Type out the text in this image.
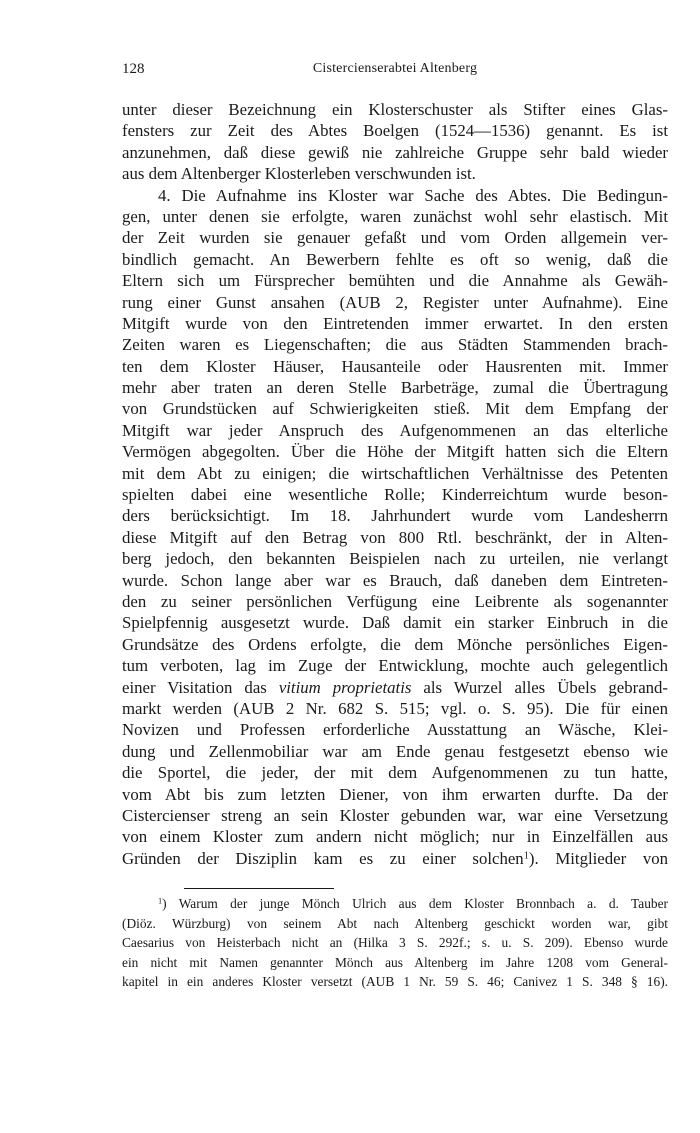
128	Cistercienserabtei Altenberg
unter dieser Bezeichnung ein Klosterschuster als Stifter eines Glas-
fensters zur Zeit des Abtes Boelgen (1524—1536) genannt. Es ist
anzunehmen, daß diese gewiß nie zahlreiche Gruppe sehr bald wieder
aus dem Altenberger Klosterleben verschwunden ist.
4. Die Aufnahme ins Kloster war Sache des Abtes. Die Bedingun-
gen, unter denen sie erfolgte, waren zunächst wohl sehr elastisch. Mit
der Zeit wurden sie genauer gefaßt und vom Orden allgemein ver-
bindlich gemacht. An Bewerbern fehlte es oft so wenig, daß die
Eltern sich um Fürsprecher bemühten und die Annahme als Gewäh-
rung einer Gunst ansahen (AUB 2, Register unter Aufnahme). Eine
Mitgift wurde von den Eintretenden immer erwartet. In den ersten
Zeiten waren es Liegenschaften; die aus Städten Stammenden brach-
ten dem Kloster Häuser, Hausanteile oder Hausrenten mit. Immer
mehr aber traten an deren Stelle Barbeträge, zumal die Übertragung
von Grundstücken auf Schwierigkeiten stieß. Mit dem Empfang der
Mitgift war jeder Anspruch des Aufgenommenen an das elterliche
Vermögen abgegolten. Über die Höhe der Mitgift hatten sich die Eltern
mit dem Abt zu einigen; die wirtschaftlichen Verhältnisse des Petenten
spielten dabei eine wesentliche Rolle; Kinderreichtum wurde beson-
ders berücksichtigt. Im 18. Jahrhundert wurde vom Landesherrn
diese Mitgift auf den Betrag von 800 Rtl. beschränkt, der in Alten-
berg jedoch, den bekannten Beispielen nach zu urteilen, nie verlangt
wurde. Schon lange aber war es Brauch, daß daneben dem Eintreten-
den zu seiner persönlichen Verfügung eine Leibrente als sogenannter
Spielpfennig ausgesetzt wurde. Daß damit ein starker Einbruch in die
Grundsätze des Ordens erfolgte, die dem Mönche persönliches Eigen-
tum verboten, lag im Zuge der Entwicklung, mochte auch gelegentlich
einer Visitation das vitium proprietatis als Wurzel alles Übels gebrand-
markt werden (AUB 2 Nr. 682 S. 515; vgl. o. S. 95). Die für einen
Novizen und Professen erforderliche Ausstattung an Wäsche, Klei-
dung und Zellenmobiliar war am Ende genau festgesetzt ebenso wie
die Sportel, die jeder, der mit dem Aufgenommenen zu tun hatte,
vom Abt bis zum letzten Diener, von ihm erwarten durfte. Da der
Cistercienser streng an sein Kloster gebunden war, war eine Versetzung
von einem Kloster zum andern nicht möglich; nur in Einzelfällen aus
Gründen der Disziplin kam es zu einer solchen$^1$). Mitglieder von
$^1$) Warum der junge Mönch Ulrich aus dem Kloster Bronnbach a. d. Tauber
(Diöz. Würzburg) von seinem Abt nach Altenberg geschickt worden war, gibt
Caesarius von Heisterbach nicht an (Hilka 3 S. 292f.; s. u. S. 209). Ebenso wurde
ein nicht mit Namen genannter Mönch aus Altenberg im Jahre 1208 vom General-
kapitel in ein anderes Kloster versetzt (AUB 1 Nr. 59 S. 46; Canivez 1 S. 348 § 16).
